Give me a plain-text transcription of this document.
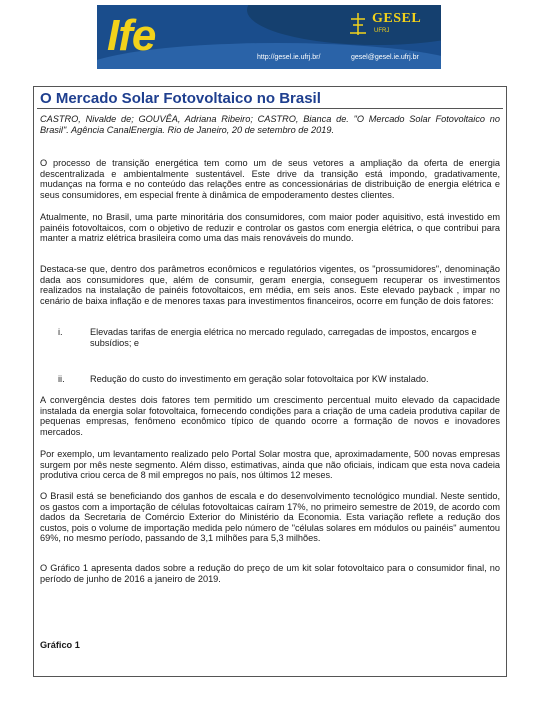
Ife	GESEL
UFRJ
http://gesel.ie.ufrj.br/	gesel@gesel.ie.ufrj.br
O Mercado Solar Fotovoltaico no Brasil

CASTRO, Nivalde de; GOUVÊA, Adriana Ribeiro; CASTRO, Bianca de. "O Mercado Solar Fotovoltaico no Brasil". Agência CanalEnergia. Rio de Janeiro, 20 de setembro de 2019.

O processo de transição energética tem como um de seus vetores a ampliação da oferta de energia descentralizada e ambientalmente sustentável. Este drive da transição está impondo, gradativamente, mudanças na forma e no conteúdo das relações entre as concessionárias de distribuição de energia elétrica e seus consumidores, em especial frente à dinâmica de empoderamento destes clientes.

Atualmente, no Brasil, uma parte minoritária dos consumidores, com maior poder aquisitivo, está investido em painéis fotovoltaicos, com o objetivo de reduzir e controlar os gastos com energia elétrica, o que contribui para manter a matriz elétrica brasileira como uma das mais renováveis do mundo.

Destaca-se que, dentro dos parâmetros econômicos e regulatórios vigentes, os "prossumidores", denominação dada aos consumidores que, além de consumir, geram energia, conseguem recuperar os investimentos realizados na instalação de painéis fotovoltaicos, em média, em seis anos. Este elevado payback , impar no cenário de baixa inflação e de menores taxas para investimentos financeiros, ocorre em função de dois fatores:

i.	Elevadas tarifas de energia elétrica no mercado regulado, carregadas de impostos, encargos e subsídios; e

ii.	Redução do custo do investimento em geração solar fotovoltaica por KW instalado.

A convergência destes dois fatores tem permitido um crescimento percentual muito elevado da capacidade instalada da energia solar fotovoltaica, fornecendo condições para a criação de uma cadeia produtiva capilar de pequenas empresas, fenômeno econômico típico de quando ocorre a formação de novos e inovadores mercados.

Por exemplo, um levantamento realizado pelo Portal Solar mostra que, aproximadamente, 500 novas empresas surgem por mês neste segmento. Além disso, estimativas, ainda que não oficiais, indicam que esta nova cadeia produtiva criou cerca de 8 mil empregos no país, nos últimos 12 meses.

O Brasil está se beneficiando dos ganhos de escala e do desenvolvimento tecnológico mundial. Neste sentido, os gastos com a importação de células fotovoltaicas caíram 17%, no primeiro semestre de 2019, de acordo com dados da Secretaria de Comércio Exterior do Ministério da Economia. Esta variação reflete a redução dos custos, pois o volume de importação medida pelo número de "células solares em módulos ou painéis" aumentou 69%, no mesmo período, passando de 3,1 milhões para 5,3 milhões.

O Gráfico 1 apresenta dados sobre a redução do preço de um kit solar fotovoltaico para o consumidor final, no período de junho de 2016 a janeiro de 2019.

Gráfico 1
